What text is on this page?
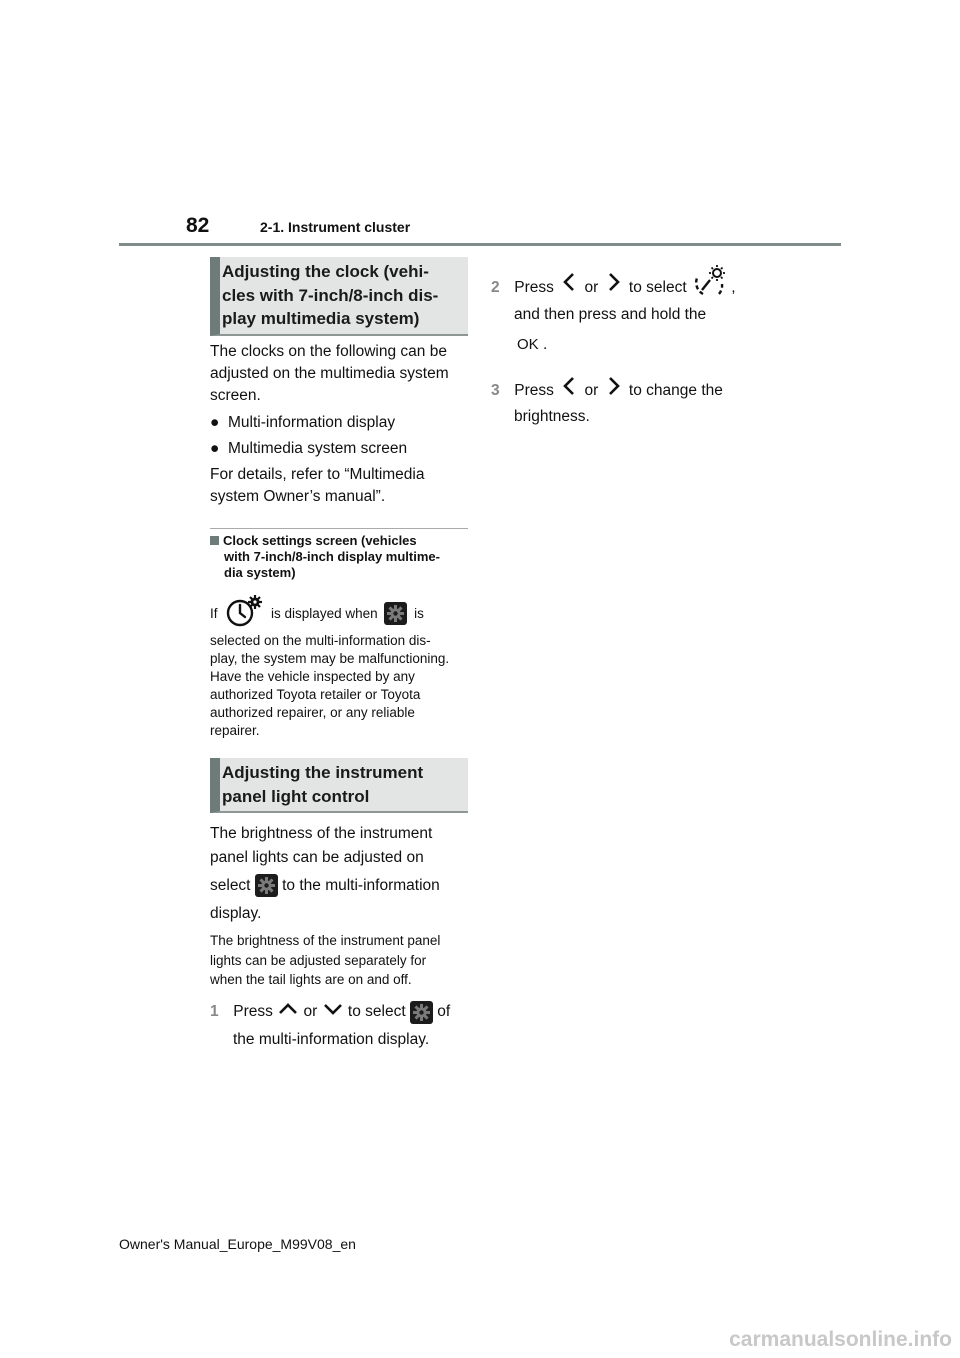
82	2-1. Instrument cluster
Adjusting the clock (vehi-
cles with 7-inch/8-inch dis-
play multimedia system)
The clocks on the following can be
adjusted on the multimedia system
screen.
●  Multi-information display
●  Multimedia system screen
For details, refer to “Multimedia
system Owner’s manual”.
Clock settings screen (vehicles
with 7-inch/8-inch display multime-
dia system)
If	is displayed when	is
selected on the multi-information dis-
play, the system may be malfunctioning.
Have the vehicle inspected by any
authorized Toyota retailer or Toyota
authorized repairer, or any reliable
repairer.
Adjusting the instrument
panel light control
The brightness of the instrument
panel lights can be adjusted on
select to the multi-information
display.
The brightness of the instrument panel
lights can be adjusted separately for
when the tail lights are on and off.
1 Press or to select of
the multi-information display.
2 Press or to select	,
and then press and hold the
OK .
3 Press or to change the
brightness.
Owner's Manual_Europe_M99V08_en
carmanualsonline.info
